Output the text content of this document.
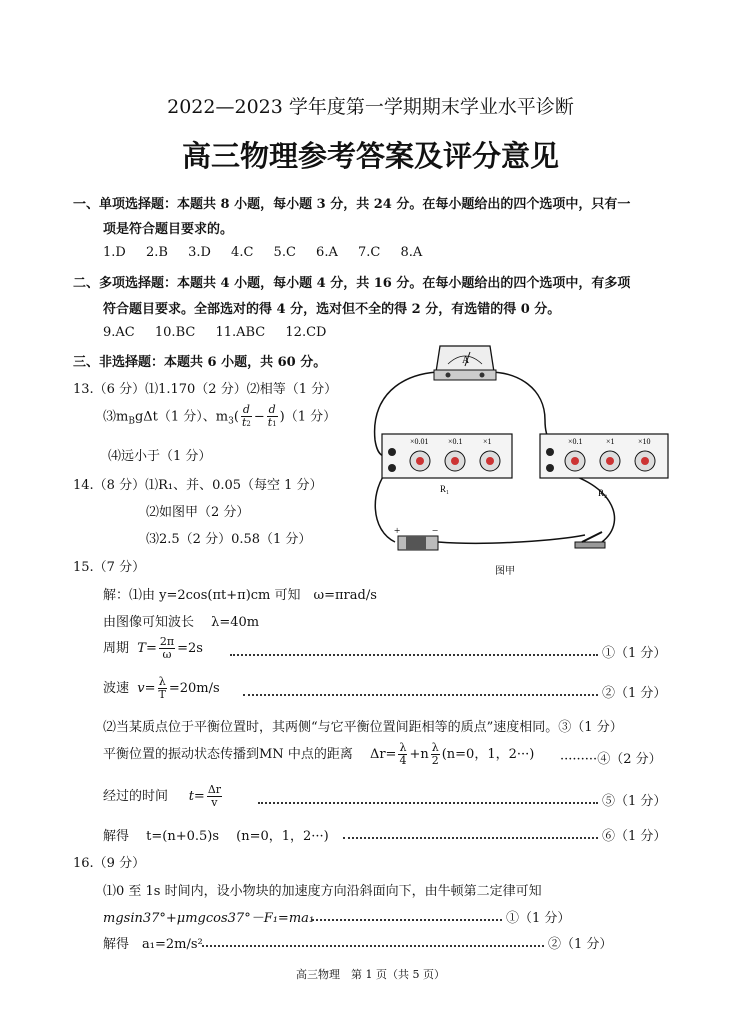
2022—2023 学年度第一学期期末学业水平诊断
高三物理参考答案及评分意见
一、单项选择题：本题共 8 小题，每小题 3 分，共 24 分。在每小题给出的四个选项中，只有一
项是符合题目要求的。
1.D 2.B 3.D 4.C 5.C 6.A 7.C 8.A
二、多项选择题：本题共 4 小题，每小题 4 分，共 16 分。在每小题给出的四个选项中，有多项
符合题目要求。全部选对的得 4 分，选对但不全的得 2 分，有选错的得 0 分。
9.AC 10.BC 11.ABC 12.CD
三、非选择题：本题共 6 小题，共 60 分。
13.（6 分）⑴1.170（2 分）⑵相等（1 分）
$⑶m_Bg\Delta t(1$ 分）、$m_3( \frac{d}{t2} - \frac{d}{t1} )(1$ 分）
⑷远小于（1 分）
14.（8 分）⑴R₁、并、0.05（每空 1 分）
⑵如图甲（2 分）
⑶2.5（2 分）0.58（1 分）
A
×0.01 ×0.1	×1
R₁
×0.1	×1	×10
R₂
+	−
图甲
15.（7 分）
解：⑴由 y=2cos(πt+π)cm 可知　ω=πrad/s
由图像可知波长　 λ=40m
周期 $T= \frac{2\pi}{\omega} =2s$	①（1 分）
波速 $v= \frac{\lambda}{T} =20m/s$	②（1 分）
⑵当某质点位于平衡位置时，其两侧“与它平衡位置间距相等的质点”速度相同。③（1 分）
平衡位置的振动状态传播到MN 中点的距离　 $\Delta r= \frac{\lambda}{4} +n \frac{\lambda}{2} (n=0$，1，2···) ·········④（2 分）
经过的时间 $t= \frac{\Delta r}{v}$	⑤（1 分）
解得　 t=(n+0.5)s　 (n=0，1，2···)	⑥（1 分）
16.（9 分）
⑴0 至 1s 时间内，设小物块的加速度方向沿斜面向下，由牛顿第二定律可知
mgsin37°+μmgcos37°－F₁=ma₁	①（1 分）
解得　a₁=2m/s²	②（1 分）
高三物理　第 1 页（共 5 页）
